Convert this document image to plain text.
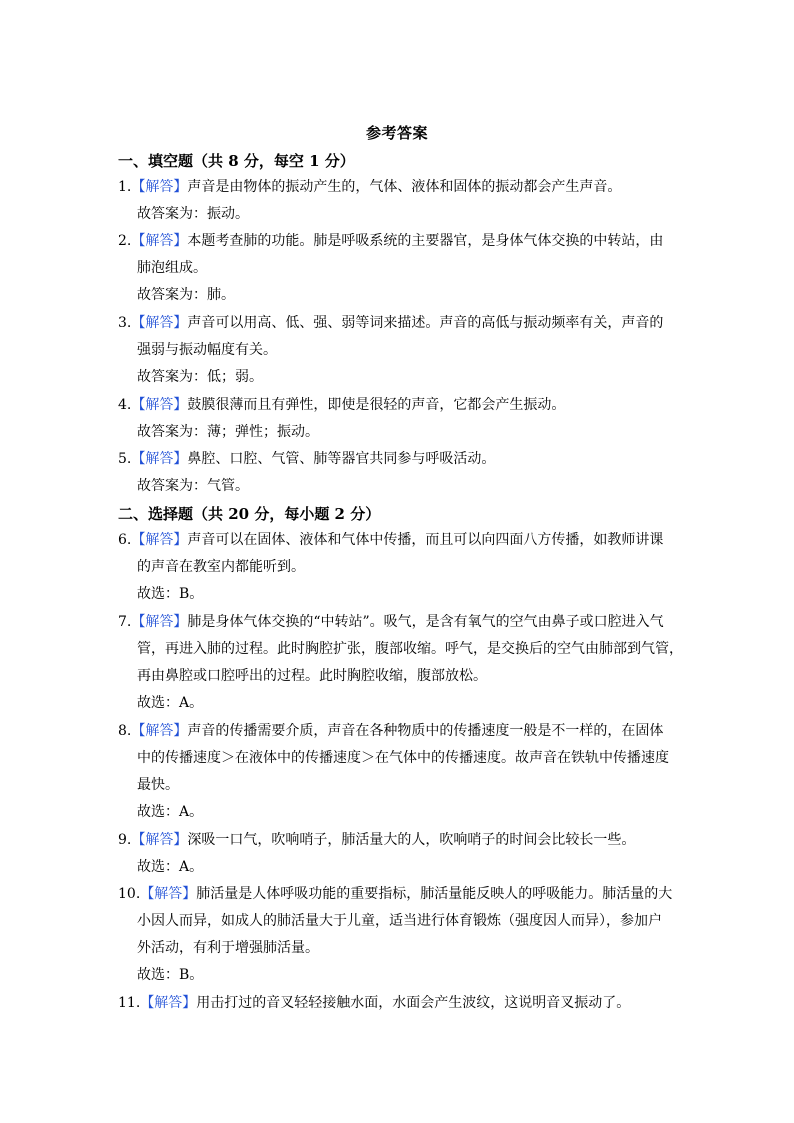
参考答案
一、填空题（共 8 分，每空 1 分）
1.【解答】声音是由物体的振动产生的，气体、液体和固体的振动都会产生声音。
故答案为：振动。
2.【解答】本题考查肺的功能。肺是呼吸系统的主要器官，是身体气体交换的中转站，由
肺泡组成。
故答案为：肺。
3.【解答】声音可以用高、低、强、弱等词来描述。声音的高低与振动频率有关，声音的
强弱与振动幅度有关。
故答案为：低；弱。
4.【解答】鼓膜很薄而且有弹性，即使是很轻的声音，它都会产生振动。
故答案为：薄；弹性；振动。
5.【解答】鼻腔、口腔、气管、肺等器官共同参与呼吸活动。
故答案为：气管。
二、选择题（共 20 分，每小题 2 分）
6.【解答】声音可以在固体、液体和气体中传播，而且可以向四面八方传播，如教师讲课
的声音在教室内都能听到。
故选：B。
7.【解答】肺是身体气体交换的“中转站”。吸气，是含有氧气的空气由鼻子或口腔进入气
管，再进入肺的过程。此时胸腔扩张，腹部收缩。呼气，是交换后的空气由肺部到气管，
再由鼻腔或口腔呼出的过程。此时胸腔收缩，腹部放松。
故选：A。
8.【解答】声音的传播需要介质，声音在各种物质中的传播速度一般是不一样的，在固体
中的传播速度＞在液体中的传播速度＞在气体中的传播速度。故声音在铁轨中传播速度
最快。
故选：A。
9.【解答】深吸一口气，吹响哨子，肺活量大的人，吹响哨子的时间会比较长一些。
故选：A。
10.【解答】肺活量是人体呼吸功能的重要指标，肺活量能反映人的呼吸能力。肺活量的大
小因人而异，如成人的肺活量大于儿童，适当进行体育锻炼（强度因人而异），参加户
外活动，有利于增强肺活量。
故选：B。
11.【解答】用击打过的音叉轻轻接触水面，水面会产生波纹，这说明音叉振动了。
